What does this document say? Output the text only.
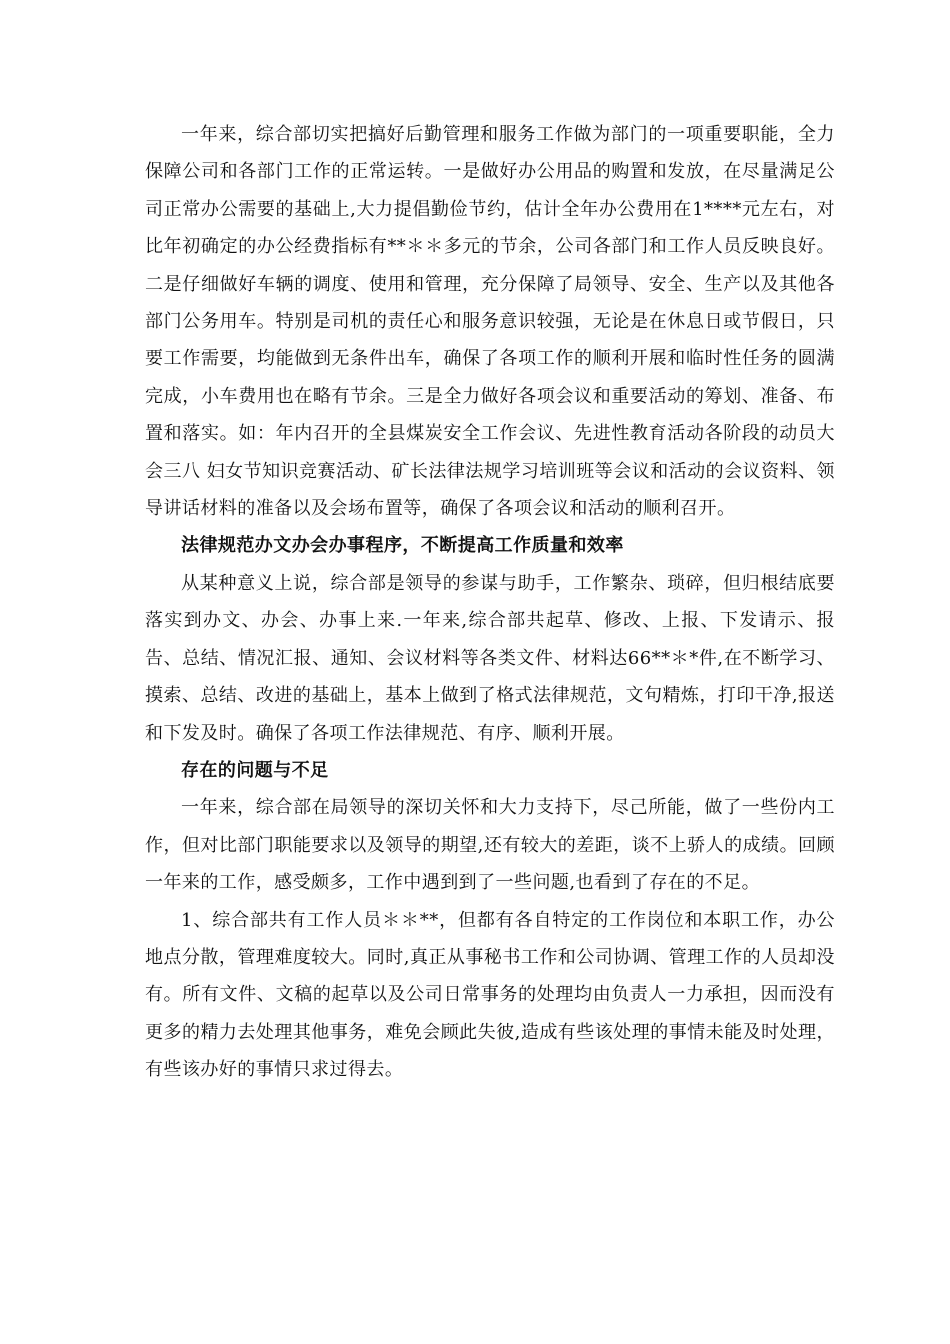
一年来，综合部切实把搞好后勤管理和服务工作做为部门的一项重要职能，全力保障公司和各部门工作的正常运转。一是做好办公用品的购置和发放，在尽量满足公司正常办公需要的基础上,大力提倡勤俭节约，估计全年办公费用在1****元左右，对比年初确定的办公经费指标有**＊＊多元的节余，公司各部门和工作人员反映良好。二是仔细做好车辆的调度、使用和管理，充分保障了局领导、安全、生产以及其他各部门公务用车。特别是司机的责任心和服务意识较强，无论是在休息日或节假日，只要工作需要，均能做到无条件出车，确保了各项工作的顺利开展和临时性任务的圆满完成，小车费用也在略有节余。三是全力做好各项会议和重要活动的筹划、准备、布置和落实。如：年内召开的全县煤炭安全工作会议、先进性教育活动各阶段的动员大会三八 妇女节知识竞赛活动、矿长法律法规学习培训班等会议和活动的会议资料、领导讲话材料的准备以及会场布置等，确保了各项会议和活动的顺利召开。

法律规范办文办会办事程序，不断提高工作质量和效率

从某种意义上说，综合部是领导的参谋与助手，工作繁杂、琐碎，但归根结底要落实到办文、办会、办事上来.一年来,综合部共起草、修改、上报、下发请示、报告、总结、情况汇报、通知、会议材料等各类文件、材料达66**＊*件,在不断学习、摸索、总结、改进的基础上，基本上做到了格式法律规范，文句精炼，打印干净,报送和下发及时。确保了各项工作法律规范、有序、顺利开展。

存在的问题与不足

一年来，综合部在局领导的深切关怀和大力支持下，尽己所能，做了一些份内工作，但对比部门职能要求以及领导的期望,还有较大的差距，谈不上骄人的成绩。回顾一年来的工作，感受颇多，工作中遇到到了一些问题,也看到了存在的不足。

1、综合部共有工作人员＊＊**，但都有各自特定的工作岗位和本职工作，办公地点分散，管理难度较大。同时,真正从事秘书工作和公司协调、管理工作的人员却没有。所有文件、文稿的起草以及公司日常事务的处理均由负责人一力承担，因而没有更多的精力去处理其他事务，难免会顾此失彼,造成有些该处理的事情未能及时处理，有些该办好的事情只求过得去。
